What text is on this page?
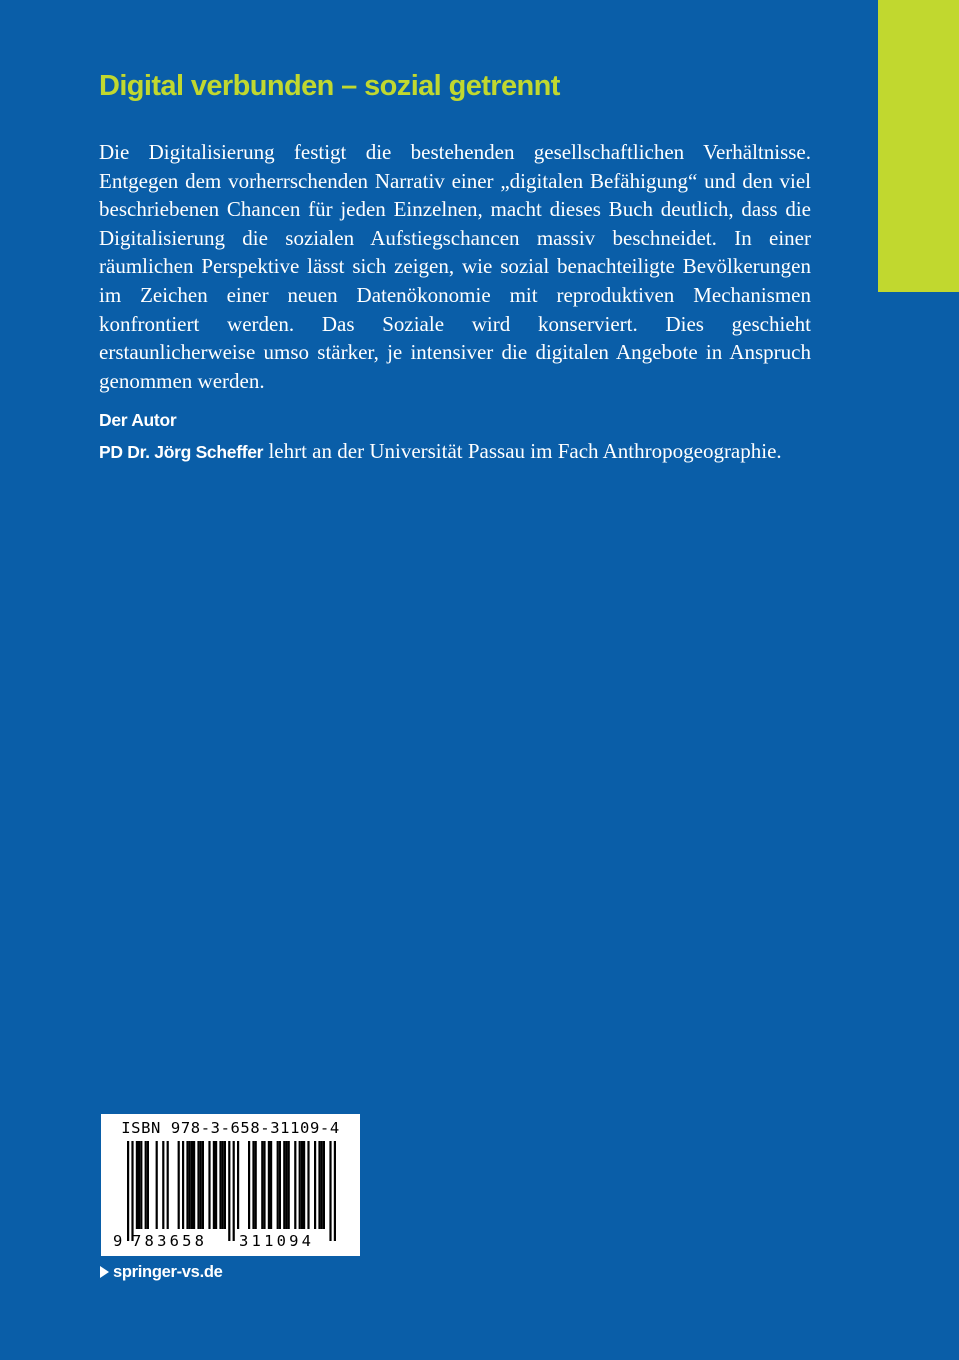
Digital verbunden – sozial getrennt

Die Digitalisierung festigt die bestehenden gesellschaftlichen Verhältnisse. Entgegen dem vorherrschenden Narrativ einer „digitalen Befähigung“ und den viel beschriebenen Chancen für jeden Einzelnen, macht dieses Buch deutlich, dass die Digitalisierung die sozialen Aufstiegschancen massiv beschneidet. In einer räumlichen Perspektive lässt sich zeigen, wie sozial benachteiligte Bevölkerungen im Zeichen einer neuen Datenökonomie mit reproduktiven Mechanismen konfrontiert werden. Das Soziale wird konserviert. Dies geschieht erstaunlicherweise umso stärker, je intensiver die digitalen Angebote in Anspruch genommen werden.

Der Autor

PD Dr. Jörg Scheffer lehrt an der Universität Passau im Fach Anthropogeographie.

ISBN 978-3-658-31109-4
9 783658 311094
springer-vs.de
